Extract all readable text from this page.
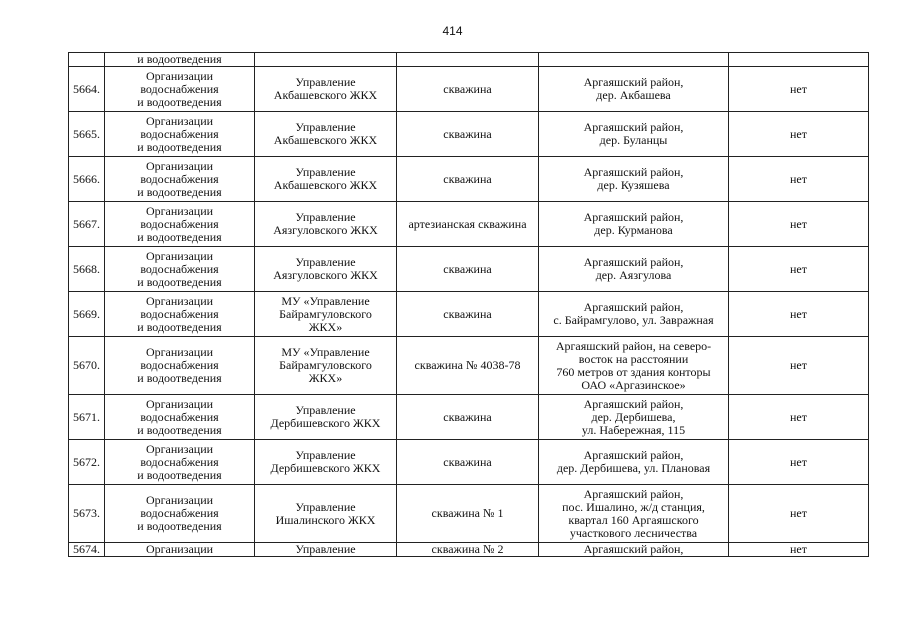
414

	и водоотведения				

5664.	Организации
водоснабжения
и водоотведения	Управление
Акбашевского ЖКХ	скважина	Аргаяшский район,
дер. Акбашева	нет
5665.	Организации
водоснабжения
и водоотведения	Управление
Акбашевского ЖКХ	скважина	Аргаяшский район,
дер. Буланцы	нет
5666.	Организации
водоснабжения
и водоотведения	Управление
Акбашевского ЖКХ	скважина	Аргаяшский район,
дер. Кузяшева	нет
5667.	Организации
водоснабжения
и водоотведения	Управление
Аязгуловского ЖКХ	артезианская скважина	Аргаяшский район,
дер. Курманова	нет
5668.	Организации
водоснабжения
и водоотведения	Управление
Аязгуловского ЖКХ	скважина	Аргаяшский район,
дер. Аязгулова	нет
5669.	Организации
водоснабжения
и водоотведения	МУ «Управление
Байрамгуловского
ЖКХ»	скважина	Аргаяшский район,
с. Байрамгулово, ул. Завражная	нет
5670.	Организации
водоснабжения
и водоотведения	МУ «Управление
Байрамгуловского
ЖКХ»	скважина № 4038-78	Аргаяшский район, на северо-
восток на расстоянии
760 метров от здания конторы
ОАО «Аргазинское»	нет
5671.	Организации
водоснабжения
и водоотведения	Управление
Дербишевского ЖКХ	скважина	Аргаяшский район,
дер. Дербишева,
ул. Набережная, 115	нет
5672.	Организации
водоснабжения
и водоотведения	Управление
Дербишевского ЖКХ	скважина	Аргаяшский район,
дер. Дербишева, ул. Плановая	нет
5673.	Организации
водоснабжения
и водоотведения	Управление
Ишалинского ЖКХ	скважина № 1	Аргаяшский район,
пос. Ишалино, ж/д станция,
квартал 160 Аргаяшского
участкового лесничества	нет
5674.	Организации	Управление	скважина № 2	Аргаяшский район,	нет
